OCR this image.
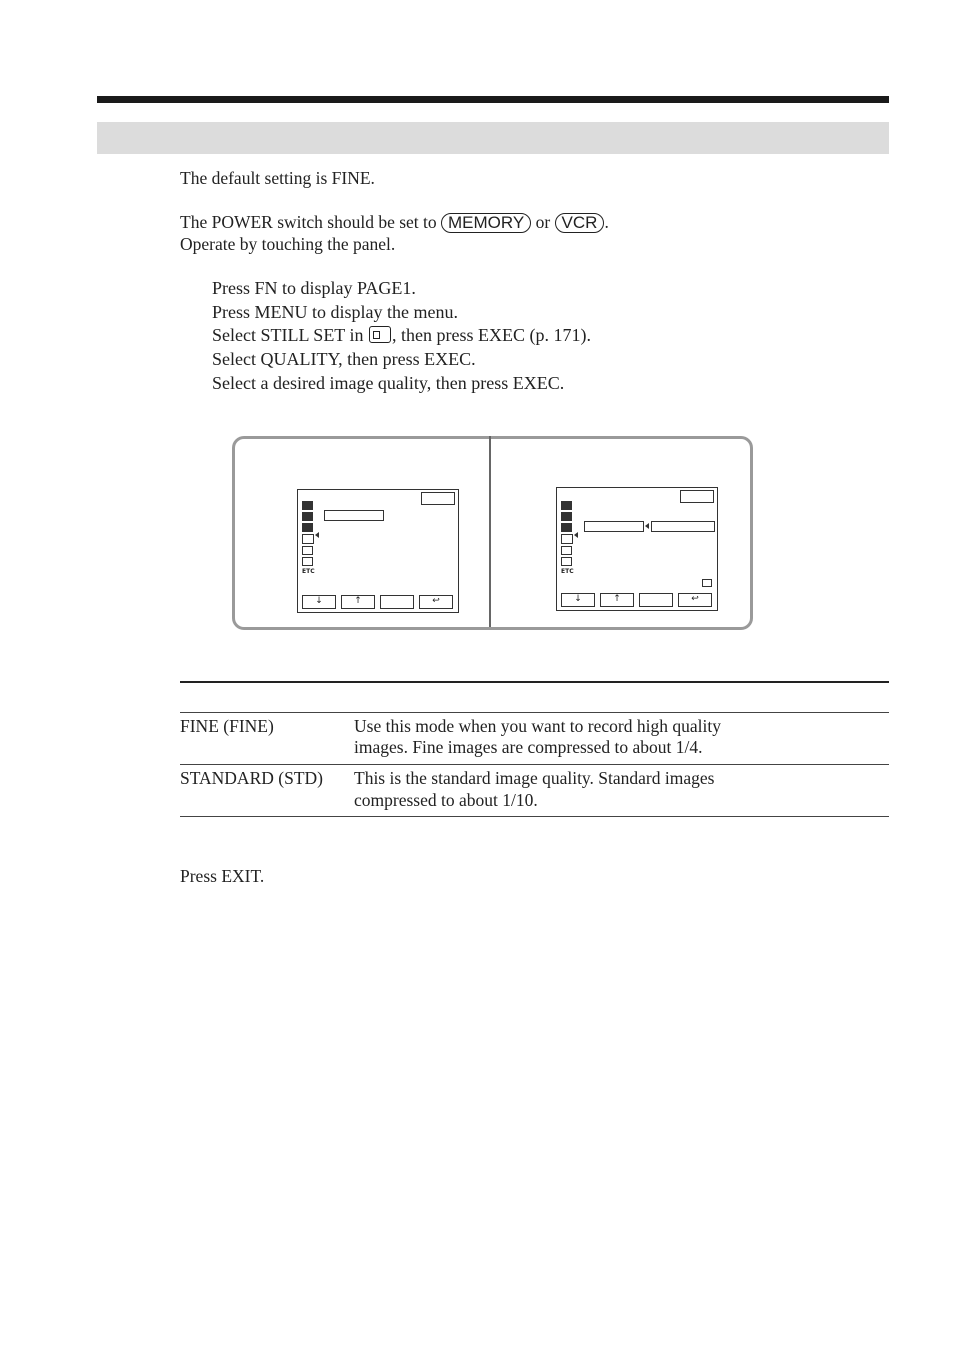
The default setting is FINE.
The POWER switch should be set to MEMORY or VCR .
Operate by touching the panel.
Press FN to display PAGE1.
Press MENU to display the menu.
Select STILL SET in , then press EXEC (p. 171).
Select QUALITY, then press EXEC.
Select a desired image quality, then press EXEC.
ETC
↓	↑	↩
ETC
↓	↑	↩
FINE (FINE)	Use this mode when you want to record high quality
images. Fine images are compressed to about 1/4.
STANDARD (STD) This is the standard image quality. Standard images
compressed to about 1/10.
Press EXIT.
